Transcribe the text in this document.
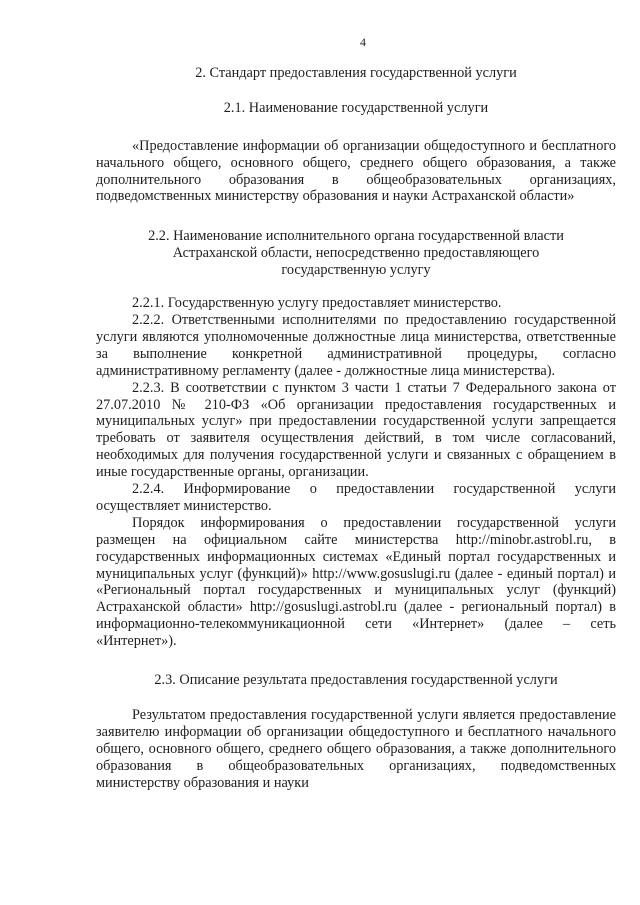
4
2. Стандарт предоставления государственной услуги
2.1. Наименование государственной услуги

«Предоставление информации об организации общедоступного и бесплатного начального общего, основного общего, среднего общего образования, а также дополнительного образования в общеобразовательных организациях, подведомственных министерству образования и науки Астраханской области»

2.2. Наименование исполнительного органа государственной власти Астраханской области, непосредственно предоставляющего государственную услугу

2.2.1. Государственную услугу предоставляет министерство.

2.2.2. Ответственными исполнителями по предоставлению государственной услуги являются уполномоченные должностные лица министерства, ответственные за выполнение конкретной административной процедуры, согласно административному регламенту (далее - должностные лица министерства).

2.2.3. В соответствии с пунктом 3 части 1 статьи 7 Федерального закона от 27.07.2010 № 210-ФЗ «Об организации предоставления государственных и муниципальных услуг» при предоставлении государственной услуги запрещается требовать от заявителя осуществления действий, в том числе согласований, необходимых для получения государственной услуги и связанных с обращением в иные государственные органы, организации.

2.2.4. Информирование о предоставлении государственной услуги осуществляет министерство.

Порядок информирования о предоставлении государственной услуги размещен на официальном сайте министерства http://minobr.astrobl.ru, в государственных информационных системах «Единый портал государственных и муниципальных услуг (функций)» http://www.gosuslugi.ru (далее - единый портал) и «Региональный портал государственных и муниципальных услуг (функций) Астраханской области» http://gosuslugi.astrobl.ru (далее - региональный портал) в информационно-телекоммуникационной сети «Интернет» (далее – сеть «Интернет»).

2.3. Описание результата предоставления государственной услуги

Результатом предоставления государственной услуги является предоставление заявителю информации об организации общедоступного и бесплатного начального общего, основного общего, среднего общего образования, а также дополнительного образования в общеобразовательных организациях, подведомственных министерству образования и науки
